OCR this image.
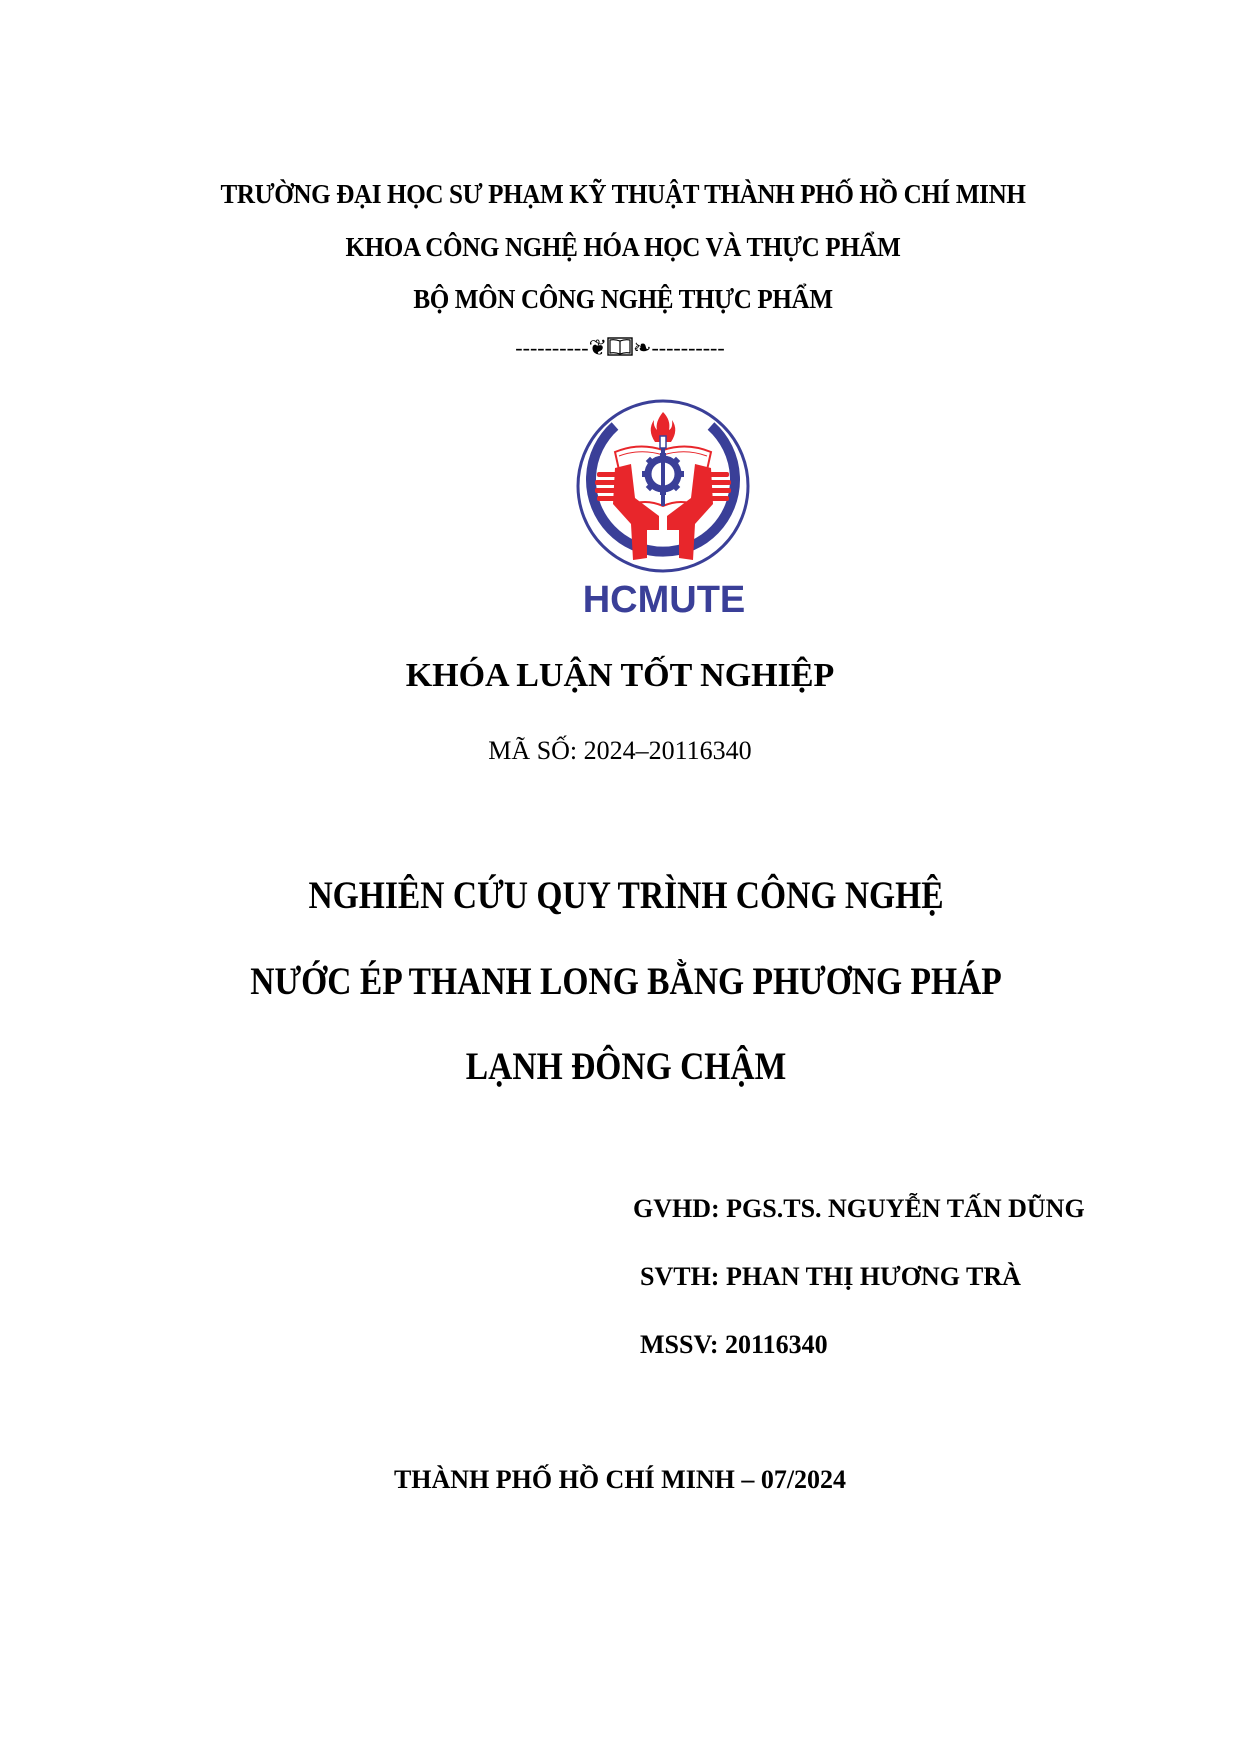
TRƯỜNG ĐẠI HỌC SƯ PHẠM KỸ THUẬT THÀNH PHỐ HỒ CHÍ MINH
KHOA CÔNG NGHỆ HÓA HỌC VÀ THỰC PHẨM
BỘ MÔN CÔNG NGHỆ THỰC PHẨM
----------❦ ❧----------
HCMUTE
KHÓA LUẬN TỐT NGHIỆP
MÃ SỐ: 2024–20116340
NGHIÊN CỨU QUY TRÌNH CÔNG NGHỆ
NƯỚC ÉP THANH LONG BẰNG PHƯƠNG PHÁP
LẠNH ĐÔNG CHẬM
GVHD: PGS.TS. NGUYỄN TẤN DŨNG
SVTH: PHAN THỊ HƯƠNG TRÀ
MSSV: 20116340
THÀNH PHỐ HỒ CHÍ MINH – 07/2024
